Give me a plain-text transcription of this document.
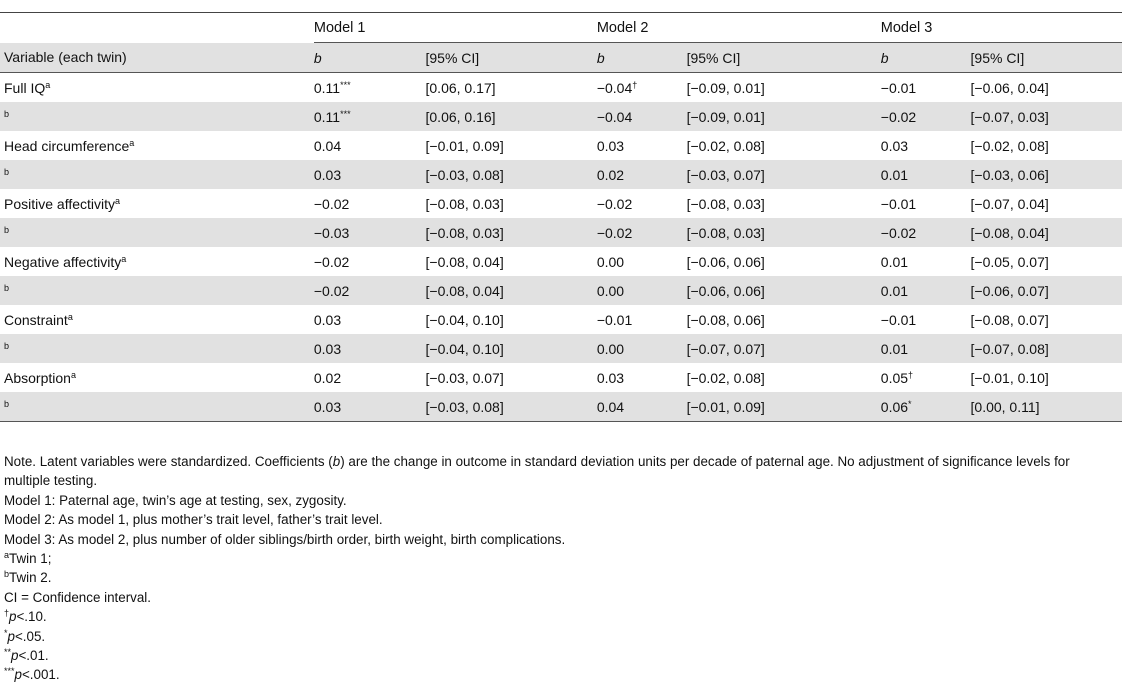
	Model 1		Model 2		Model 3	
Variable (each twin)	b	[95% CI]	b	[95% CI]	b	[95% CI]
Full $IQ^a$	0.11***	[0.06, 0.17]	−0.04†	[−0.09, 0.01]	−0.01	[−0.06, 0.04]
$^b$	0.11***	[0.06, 0.16]	−0.04	[−0.09, 0.01]	−0.02	[−0.07, 0.03]
Head circumference$^a$	0.04	[−0.01, 0.09]	0.03	[−0.02, 0.08]	0.03	[−0.02, 0.08]
$^b$	0.03	[−0.03, 0.08]	0.02	[−0.03, 0.07]	0.01	[−0.03, 0.06]
Positive affectivity$^a$	−0.02	[−0.08, 0.03]	−0.02	[−0.08, 0.03]	−0.01	[−0.07, 0.04]
$^b$	−0.03	[−0.08, 0.03]	−0.02	[−0.08, 0.03]	−0.02	[−0.08, 0.04]
Negative affectivity$^a$	−0.02	[−0.08, 0.04]	0.00	[−0.06, 0.06]	0.01	[−0.05, 0.07]
$^b$	−0.02	[−0.08, 0.04]	0.00	[−0.06, 0.06]	0.01	[−0.06, 0.07]
Constraint$^a$	0.03	[−0.04, 0.10]	−0.01	[−0.08, 0.06]	−0.01	[−0.08, 0.07]
$^b$	0.03	[−0.04, 0.10]	0.00	[−0.07, 0.07]	0.01	[−0.07, 0.08]
Absorption$^a$	0.02	[−0.03, 0.07]	0.03	[−0.02, 0.08]	0.05†	[−0.01, 0.10]
$^b$	0.03	[−0.03, 0.08]	0.04	[−0.01, 0.09]	0.06*	[0.00, 0.11]

Note. Latent variables were standardized. Coefficients (b) are the change in outcome in standard deviation units per decade of paternal age. No adjustment of significance levels for multiple testing.

Model 1: Paternal age, twin’s age at testing, sex, zygosity.

Model 2: As model 1, plus mother’s trait level, father’s trait level.

Model 3: As model 2, plus number of older siblings/birth order, birth weight, birth complications.

$^a$Twin 1;

$^b$Twin 2.

CI = Confidence interval.

†p<.10.

*p<.05.

**p<.01.

***p<.001.
